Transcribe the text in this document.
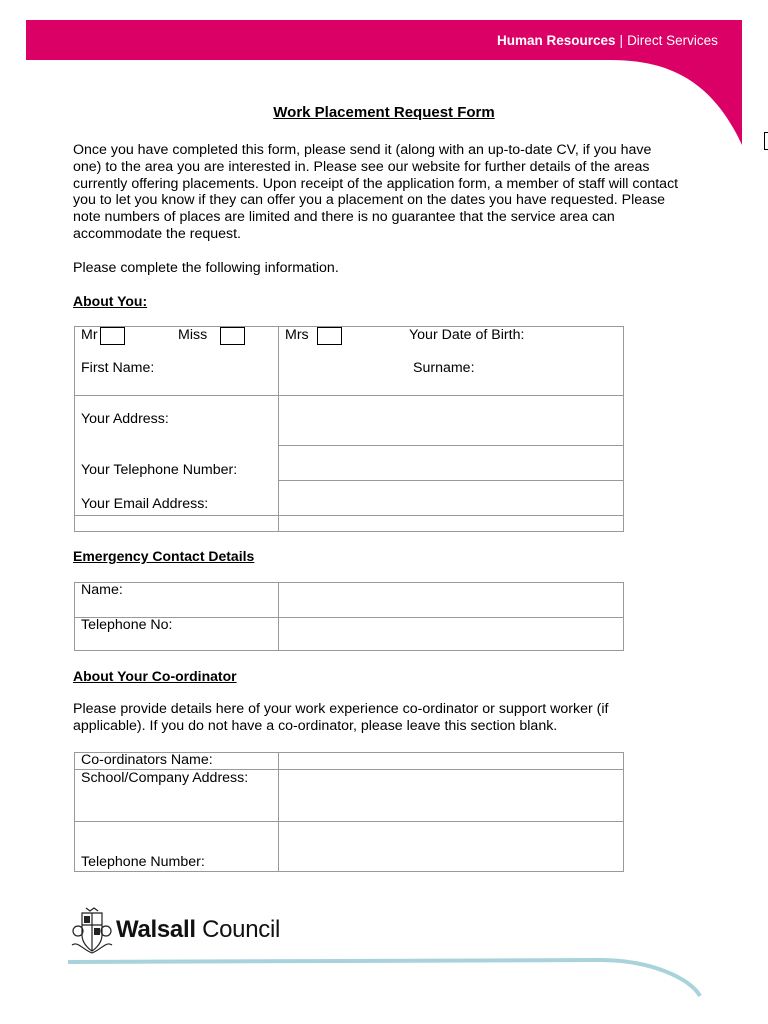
Human Resources | Direct Services
Work Placement Request Form
Once you have completed this form, please send it (along with an up-to-date CV, if you have one) to the area you are interested in. Please see our website for further details of the areas currently offering placements. Upon receipt of the application form, a member of staff will contact you to let you know if they can offer you a placement on the dates you have requested. Please note numbers of places are limited and there is no guarantee that the service area can accommodate the request.
Please complete the following information.
About You:
Mr	Miss	Mrs	Your Date of Birth:
First Name:	Surname:
Your Address:
Your Telephone Number:
Your Email Address:
Emergency Contact Details
Name:
Telephone No:
About Your Co-ordinator
Please provide details here of your work experience co-ordinator or support worker (if applicable). If you do not have a co-ordinator, please leave this section blank.
Co-ordinators Name:
School/Company Address:
Telephone Number:
Walsall Council
